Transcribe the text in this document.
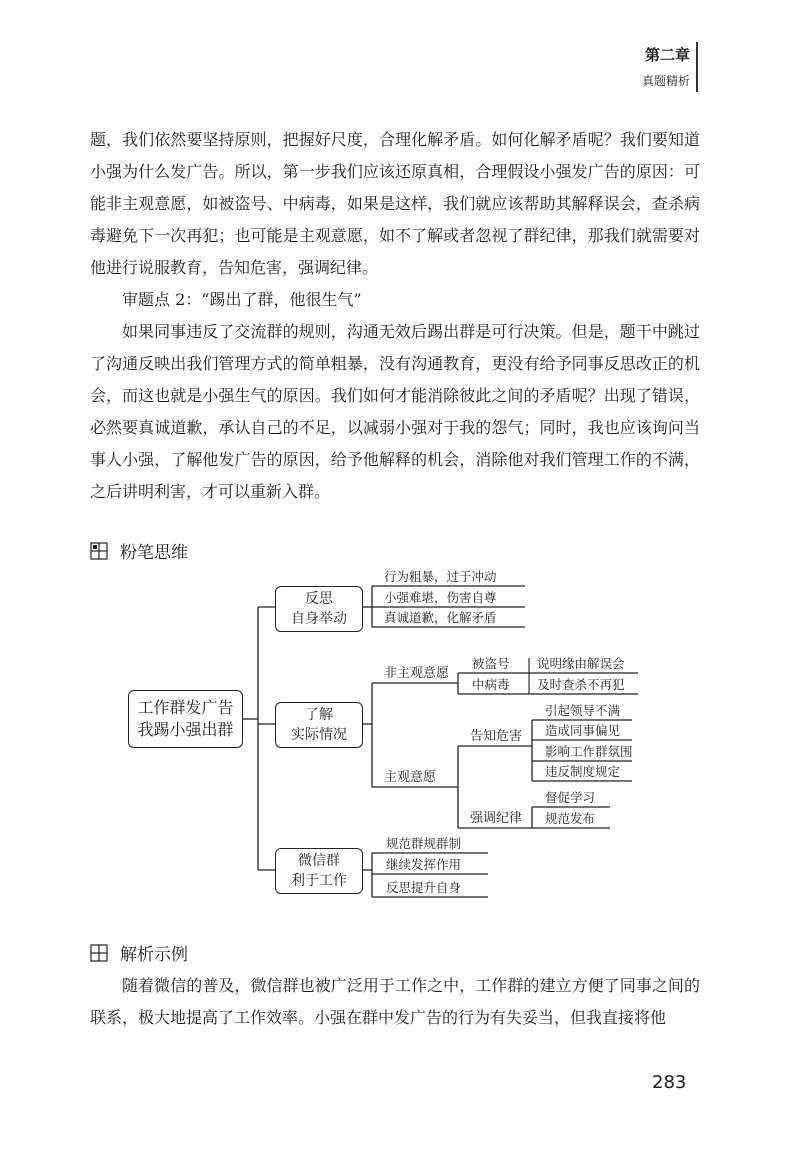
第二章
真题精析
题，我们依然要坚持原则，把握好尺度，合理化解矛盾。如何化解矛盾呢？我们要知道小强为什么发广告。所以，第一步我们应该还原真相，合理假设小强发广告的原因：可能非主观意愿，如被盗号、中病毒，如果是这样，我们就应该帮助其解释误会，查杀病毒避免下一次再犯；也可能是主观意愿，如不了解或者忽视了群纪律，那我们就需要对他进行说服教育，告知危害，强调纪律。
审题点 2：“踢出了群，他很生气”
如果同事违反了交流群的规则，沟通无效后踢出群是可行决策。但是，题干中跳过了沟通反映出我们管理方式的简单粗暴，没有沟通教育，更没有给予同事反思改正的机会，而这也就是小强生气的原因。我们如何才能消除彼此之间的矛盾呢？出现了错误，必然要真诚道歉，承认自己的不足，以减弱小强对于我的怨气；同时，我也应该询问当事人小强，了解他发广告的原因，给予他解释的机会，消除他对我们管理工作的不满，之后讲明利害，才可以重新入群。
粉笔思维
工作群发广告
我踢小强出群
反思
自身举动
行为粗暴，过于冲动
小强难堪，伤害自尊
真诚道歉，化解矛盾
了解
实际情况
非主观意愿
被盗号 说明缘由解误会
中病毒 及时查杀不再犯
主观意愿
告知危害
引起领导不满
造成同事偏见
影响工作群氛围
违反制度规定
强调纪律
督促学习
规范发布
微信群
利于工作
规范群规群制
继续发挥作用
反思提升自身
解析示例
随着微信的普及，微信群也被广泛用于工作之中，工作群的建立方便了同事之间的联系，极大地提高了工作效率。小强在群中发广告的行为有失妥当，但我直接将他
283
